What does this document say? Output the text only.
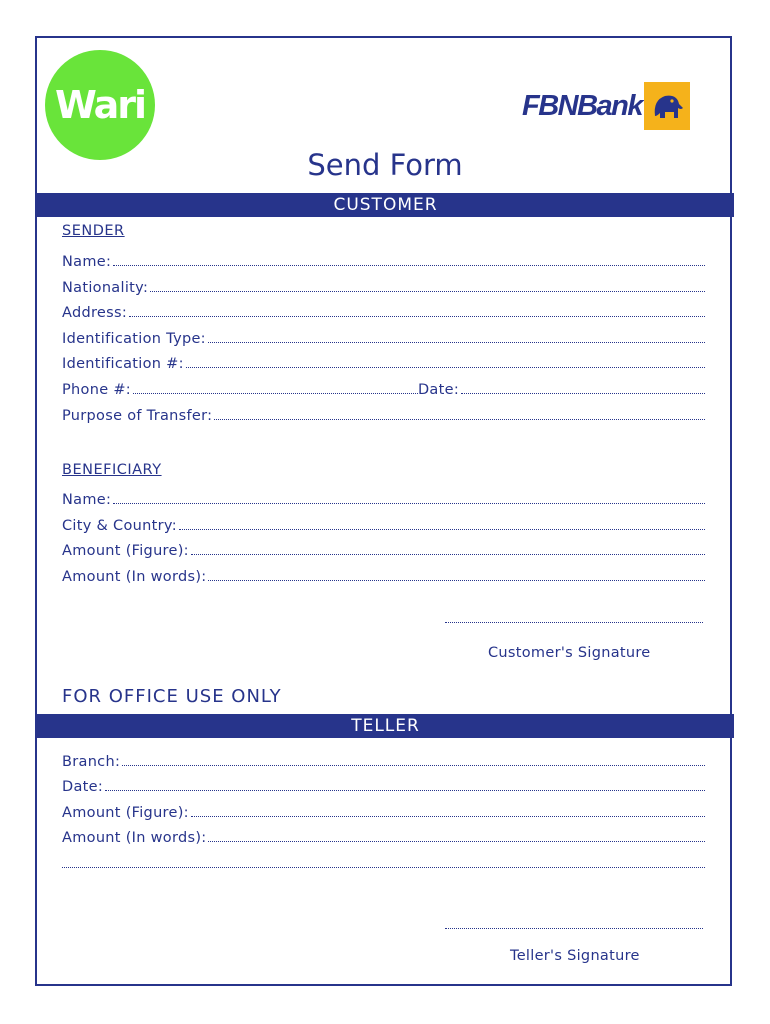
Wari	FBNBank
Send Form
CUSTOMER
SENDER
Name:
Nationality:
Address:
Identification Type:
Identification #:
Phone #:	Date:
Purpose of Transfer:
BENEFICIARY
Name:
City & Country:
Amount (Figure):
Amount (In words):
Customer's Signature
FOR OFFICE USE ONLY
TELLER
Branch:
Date:
Amount (Figure):
Amount (In words):
Teller's Signature
